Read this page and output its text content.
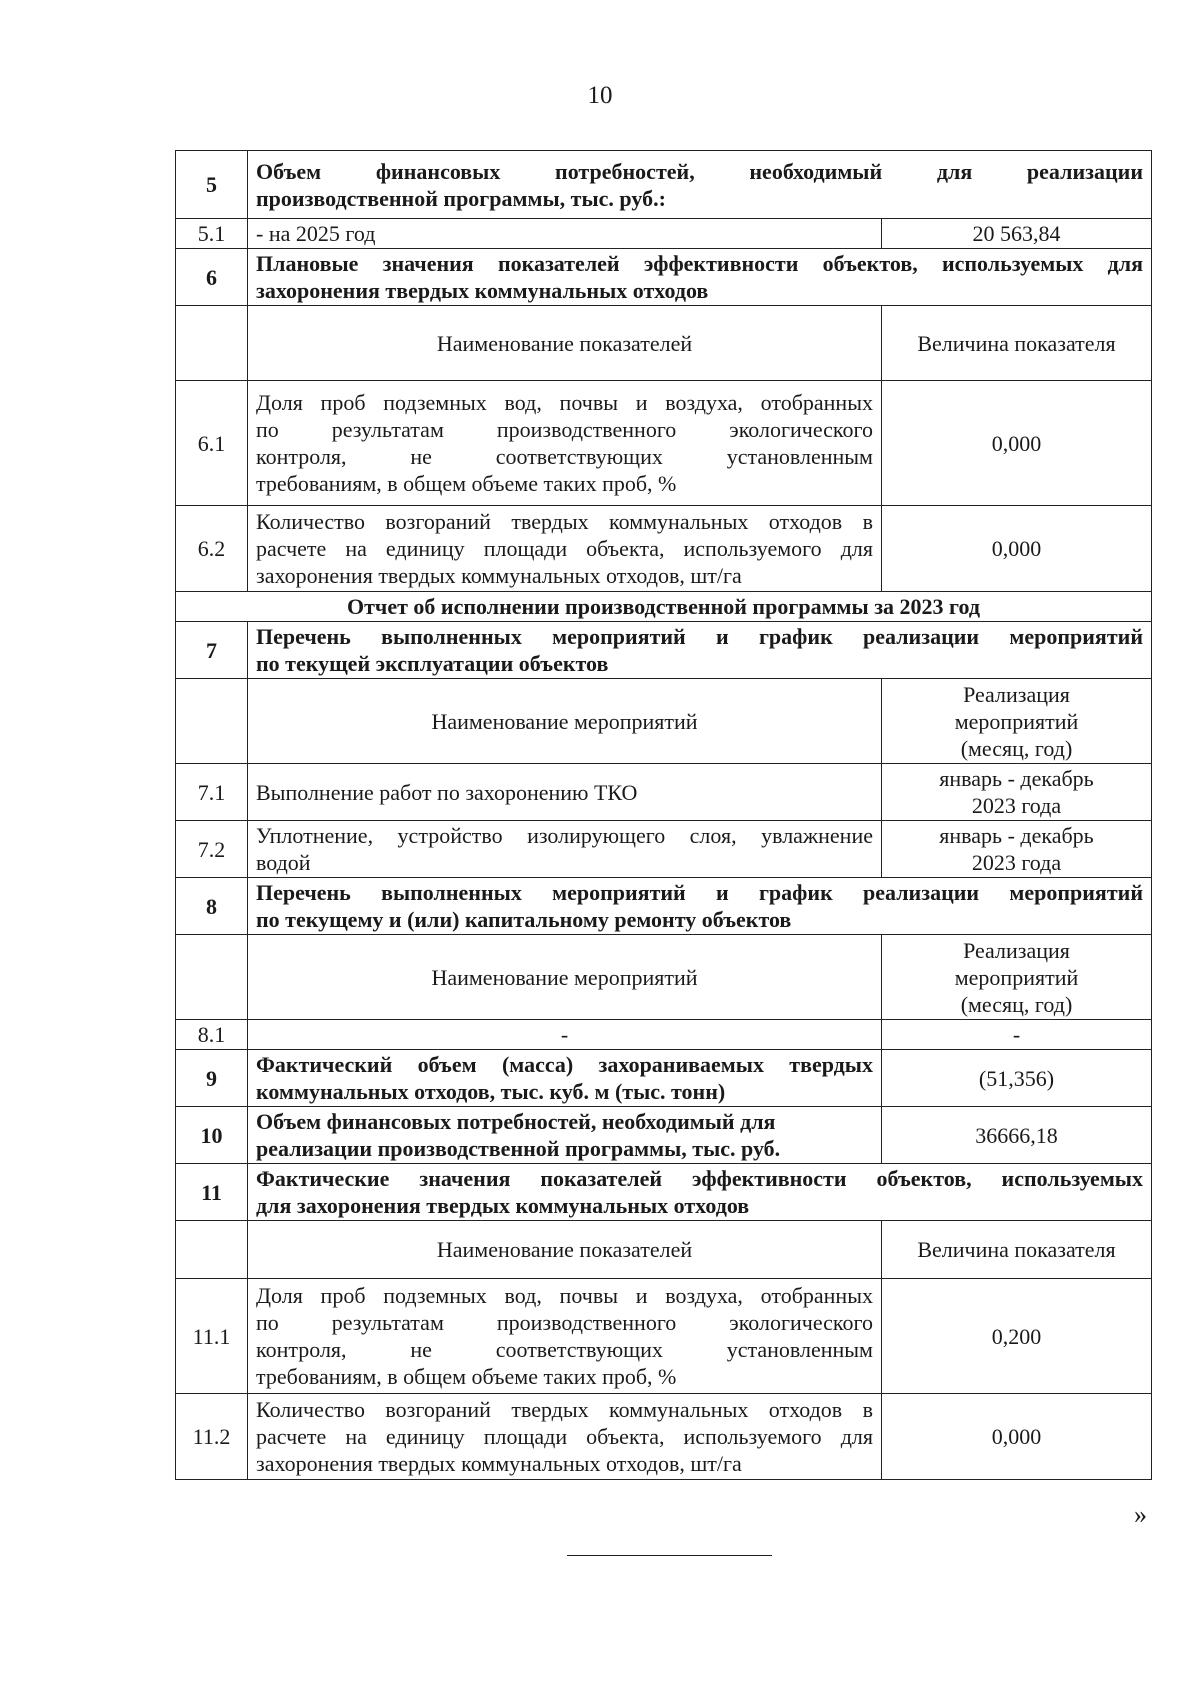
10
5	Объем финансовых потребностей, необходимый для реализации
производственной программы, тыс. руб.:	

5.1	- на 2025 год	20 563,84
6	Плановые значения показателей эффективности объектов, используемых для
захоронения твердых коммунальных отходов	

	Наименование показателей	Величина показателя
6.1	Доля проб подземных вод, почвы и воздуха, отобранных
по результатам производственного экологического
контроля, не соответствующих установленным
требованиям, в общем объеме таких проб, %	0,000
6.2	Количество возгораний твердых коммунальных отходов в
расчете на единицу площади объекта, используемого для
захоронения твердых коммунальных отходов, шт/га	0,000
Отчет об исполнении производственной программы за 2023 год		
7	Перечень выполненных мероприятий и график реализации мероприятий
по текущей эксплуатации объектов	

	Наименование мероприятий	Реализация
мероприятий
(месяц, год)

7.1	Выполнение работ по захоронению ТКО	январь - декабрь
2023 года

7.2	Уплотнение, устройство изолирующего слоя, увлажнение
водой	январь - декабрь
2023 года

8	Перечень выполненных мероприятий и график реализации мероприятий
по текущему и (или) капитальному ремонту объектов	

	Наименование мероприятий	Реализация
мероприятий
(месяц, год)

8.1	-	-
9	Фактический объем (масса) захораниваемых твердых
коммунальных отходов, тыс. куб. м (тыс. тонн)	(51,356)
10	Объем финансовых потребностей, необходимый для
реализации производственной программы, тыс. руб.	36666,18
11	Фактические значения показателей эффективности объектов, используемых
для захоронения твердых коммунальных отходов	

	Наименование показателей	Величина показателя
11.1	Доля проб подземных вод, почвы и воздуха, отобранных
по результатам производственного экологического
контроля, не соответствующих установленным
требованиям, в общем объеме таких проб, %	0,200
11.2	Количество возгораний твердых коммунальных отходов в
расчете на единицу площади объекта, используемого для
захоронения твердых коммунальных отходов, шт/га	0,000
»
